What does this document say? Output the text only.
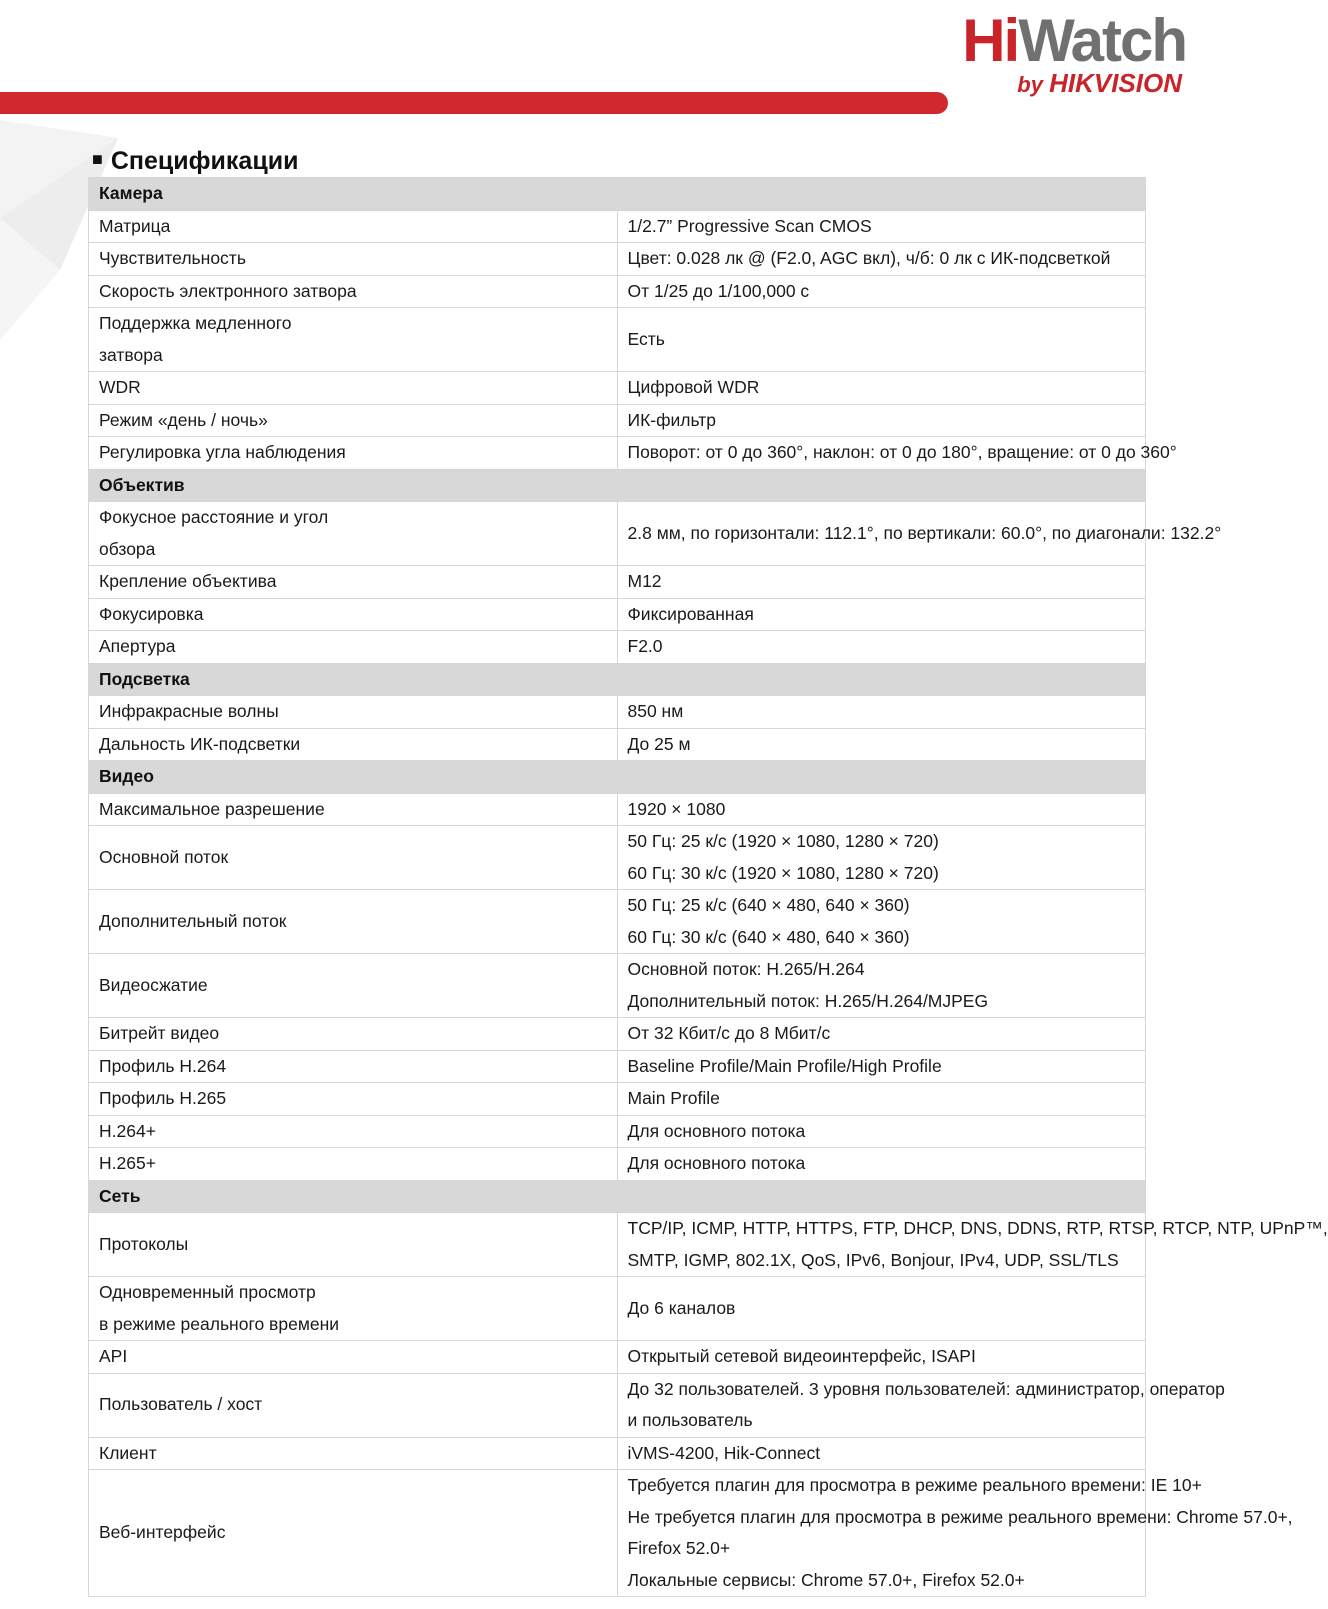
HiWatch
by HIKVISION
■ Спецификации
Камера	

Матрица	1/2.7” Progressive Scan CMOS

Чувствительность	Цвет: 0.028 лк @ (F2.0, AGC вкл), ч/б: 0 лк с ИК-подсветкой

Скорость электронного затвора	От 1/25 до 1/100,000 с

Поддержка медленного
затвора	Есть

WDR	Цифровой WDR

Режим «день / ночь»	ИК-фильтр

Регулировка угла наблюдения	Поворот: от 0 до 360°, наклон: от 0 до 180°, вращение: от 0 до 360°

Объектив	

Фокусное расстояние и угол
обзора	2.8 мм, по горизонтали: 112.1°, по вертикали: 60.0°, по диагонали: 132.2°

Крепление объектива	M12

Фокусировка	Фиксированная

Апертура	F2.0

Подсветка	

Инфракрасные волны	850 нм

Дальность ИК-подсветки	До 25 м

Видео	

Максимальное разрешение	1920 × 1080

Основной поток	50 Гц: 25 к/с (1920 × 1080, 1280 × 720)
60 Гц: 30 к/с (1920 × 1080, 1280 × 720)

Дополнительный поток	50 Гц: 25 к/с (640 × 480, 640 × 360)
60 Гц: 30 к/с (640 × 480, 640 × 360)

Видеосжатие	Основной поток: H.265/H.264
Дополнительный поток: H.265/H.264/MJPEG

Битрейт видео	От 32 Кбит/с до 8 Мбит/с

Профиль H.264	Baseline Profile/Main Profile/High Profile

Профиль H.265	Main Profile

H.264+	Для основного потока

H.265+	Для основного потока

Сеть	

Протоколы	TCP/IP, ICMP, HTTP, HTTPS, FTP, DHCP, DNS, DDNS, RTP, RTSP, RTCP, NTP, UPnP™,
SMTP, IGMP, 802.1X, QoS, IPv6, Bonjour, IPv4, UDP, SSL/TLS

Одновременный просмотр
в режиме реального времени	До 6 каналов

API	Открытый сетевой видеоинтерфейс, ISAPI

Пользователь / хост	До 32 пользователей. 3 уровня пользователей: администратор, оператор
и пользователь

Клиент	iVMS-4200, Hik-Connect

Веб-интерфейс	Требуется плагин для просмотра в режиме реального времени: IE 10+
Не требуется плагин для просмотра в режиме реального времени: Chrome 57.0+,
Firefox 52.0+
Локальные сервисы: Chrome 57.0+, Firefox 52.0+
